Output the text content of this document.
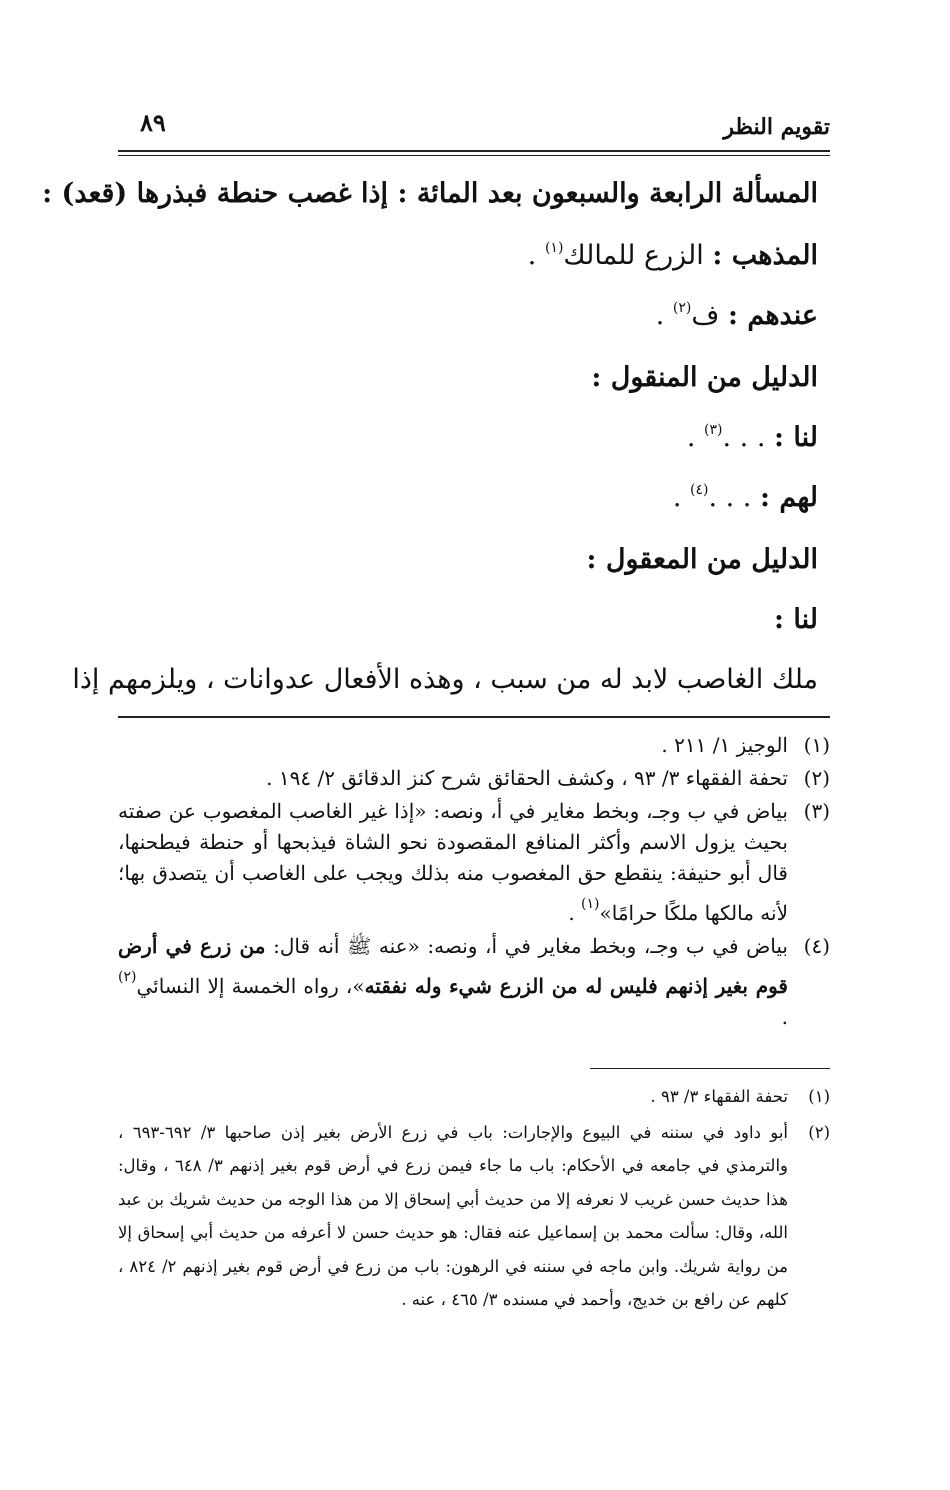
تقويم النظر
٨٩
المسألة الرابعة والسبعون بعد المائة : إذا غصب حنطة فبذرها (قعد) :
المذهب : الزرع للمالك$^{(١)}$ .
عندهم : ف$^{(٢)}$ .
الدليل من المنقول :
لنا : . . .$^{(٣)}$ .
لهم : . . .$^{(٤)}$ .
الدليل من المعقول :
لنا :
ملك الغاصب لابد له من سبب ، وهذه الأفعال عدوانات ، ويلزمهم إذا
(١)
الوجيز ١/ ٢١١ .
(٢)
تحفة الفقهاء ٣/ ٩٣ ، وكشف الحقائق شرح كنز الدقائق ٢/ ١٩٤ .
(٣)
بياض في ب وجـ، وبخط مغاير في أ، ونصه: «إذا غير الغاصب المغصوب عن صفته بحيث يزول الاسم وأكثر المنافع المقصودة نحو الشاة فيذبحها أو حنطة فيطحنها، قال أبو حنيفة: ينقطع حق المغصوب منه بذلك ويجب على الغاصب أن يتصدق بها؛ لأنه مالكها ملكًا حرامًا»$^{(١)}$ .
(٤)
بياض في ب وجـ، وبخط مغاير في أ، ونصه: «عنه ﷺ أنه قال: من زرع في أرض قوم بغير إذنهم فليس له من الزرع شيء وله نفقته»، رواه الخمسة إلا النسائي$^{(٢)}$ .
(١)
تحفة الفقهاء ٣/ ٩٣ .
(٢)
أبو داود في سننه في البيوع والإجارات: باب في زرع الأرض بغير إذن صاحبها ٣/ ٦٩٢-٦٩٣ ، والترمذي في جامعه في الأحكام: باب ما جاء فيمن زرع في أرض قوم بغير إذنهم ٣/ ٦٤٨ ، وقال: هذا حديث حسن غريب لا نعرفه إلا من حديث أبي إسحاق إلا من هذا الوجه من حديث شريك بن عبد الله، وقال: سألت محمد بن إسماعيل عنه فقال: هو حديث حسن لا أعرفه من حديث أبي إسحاق إلا من رواية شريك. وابن ماجه في سننه في الرهون: باب من زرع في أرض قوم بغير إذنهم ٢/ ٨٢٤ ، كلهم عن رافع بن خديج، وأحمد في مسنده ٣/ ٤٦٥ ، عنه .
